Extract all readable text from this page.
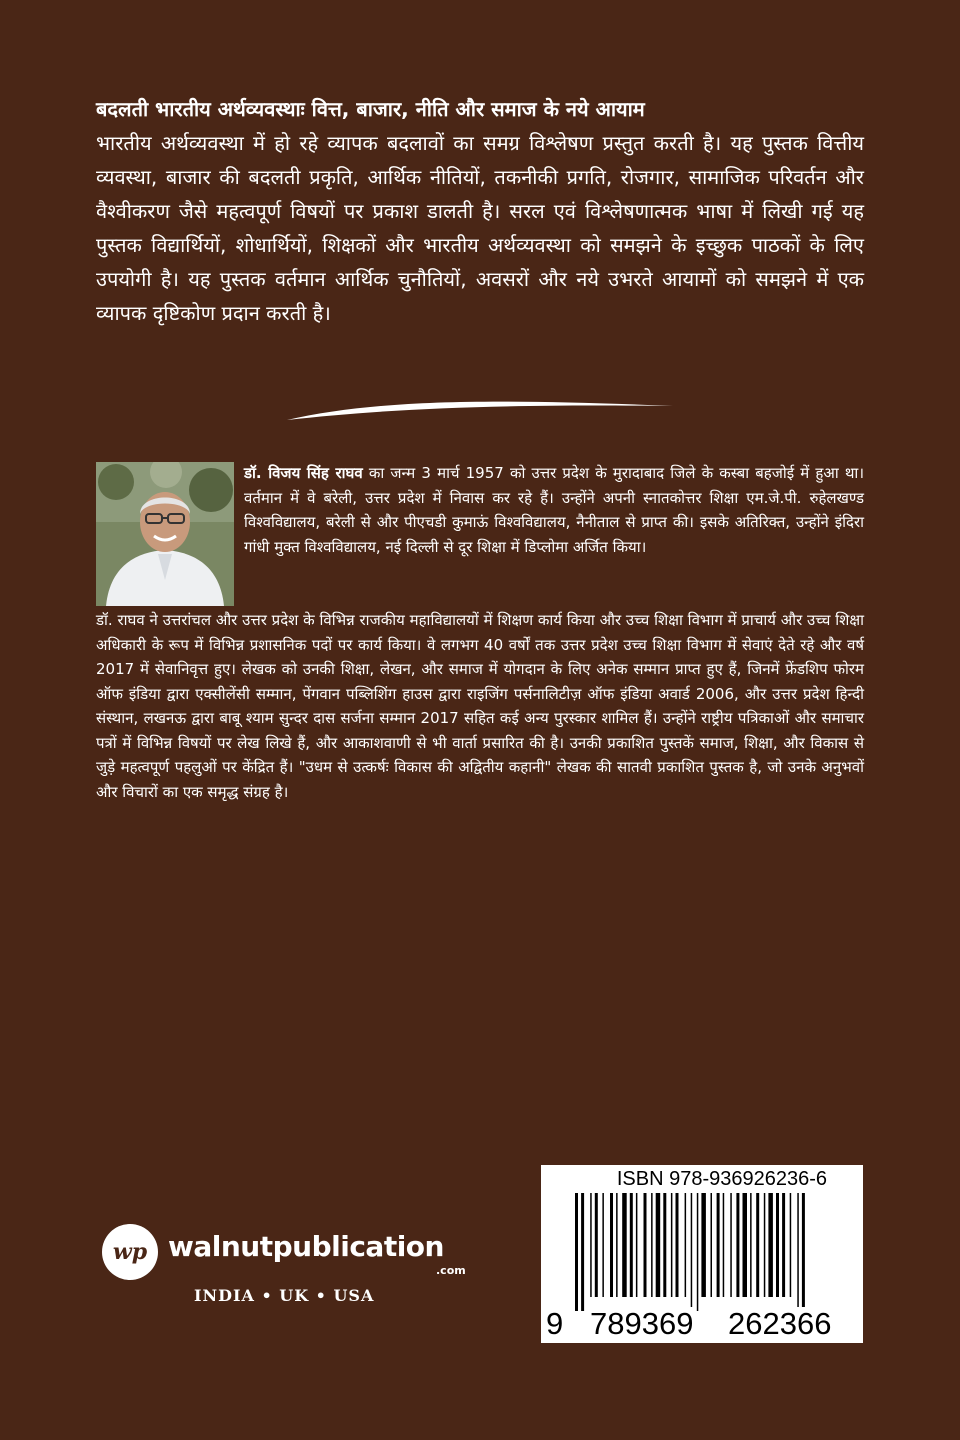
बदलती भारतीय अर्थव्यवस्थाः वित्त, बाजार, नीति और समाज के नये आयाम
भारतीय अर्थव्यवस्था में हो रहे व्यापक बदलावों का समग्र विश्लेषण प्रस्तुत करती है। यह पुस्तक वित्तीय व्यवस्था, बाजार की बदलती प्रकृति, आर्थिक नीतियों, तकनीकी प्रगति, रोजगार, सामाजिक परिवर्तन और वैश्वीकरण जैसे महत्वपूर्ण विषयों पर प्रकाश डालती है। सरल एवं विश्लेषणात्मक भाषा में लिखी गई यह पुस्तक विद्यार्थियों, शोधार्थियों, शिक्षकों और भारतीय अर्थव्यवस्था को समझने के इच्छुक पाठकों के लिए उपयोगी है। यह पुस्तक वर्तमान आर्थिक चुनौतियों, अवसरों और नये उभरते आयामों को समझने में एक व्यापक दृष्टिकोण प्रदान करती है।
डॉ. विजय सिंह राघव का जन्म 3 मार्च 1957 को उत्तर प्रदेश के मुरादाबाद जिले के कस्बा बहजोई में हुआ था। वर्तमान में वे बरेली, उत्तर प्रदेश में निवास कर रहे हैं। उन्होंने अपनी स्नातकोत्तर शिक्षा एम.जे.पी. रुहेलखण्ड विश्वविद्यालय, बरेली से और पीएचडी कुमाऊं विश्वविद्यालय, नैनीताल से प्राप्त की। इसके अतिरिक्त, उन्होंने इंदिरा गांधी मुक्त विश्वविद्यालय, नई दिल्ली से दूर शिक्षा में डिप्लोमा अर्जित किया।
डॉ. राघव ने उत्तरांचल और उत्तर प्रदेश के विभिन्न राजकीय महाविद्यालयों में शिक्षण कार्य किया और उच्च शिक्षा विभाग में प्राचार्य और उच्च शिक्षा अधिकारी के रूप में विभिन्न प्रशासनिक पदों पर कार्य किया। वे लगभग 40 वर्षों तक उत्तर प्रदेश उच्च शिक्षा विभाग में सेवाएं देते रहे और वर्ष 2017 में सेवानिवृत्त हुए। लेखक को उनकी शिक्षा, लेखन, और समाज में योगदान के लिए अनेक सम्मान प्राप्त हुए हैं, जिनमें फ्रेंडशिप फोरम ऑफ इंडिया द्वारा एक्सीलेंसी सम्मान, पेंगवान पब्लिशिंग हाउस द्वारा राइजिंग पर्सनालिटीज़ ऑफ इंडिया अवार्ड 2006, और उत्तर प्रदेश हिन्दी संस्थान, लखनऊ द्वारा बाबू श्याम सुन्दर दास सर्जना सम्मान 2017 सहित कई अन्य पुरस्कार शामिल हैं। उन्होंने राष्ट्रीय पत्रिकाओं और समाचार पत्रों में विभिन्न विषयों पर लेख लिखे हैं, और आकाशवाणी से भी वार्ता प्रसारित की है। उनकी प्रकाशित पुस्तकें समाज, शिक्षा, और विकास से जुड़े महत्वपूर्ण पहलुओं पर केंद्रित हैं। "उधम से उत्कर्षः विकास की अद्वितीय कहानी" लेखक की सातवी प्रकाशित पुस्तक है, जो उनके अनुभवों और विचारों का एक समृद्ध संग्रह है।
wp walnutpublication
.com
INDIA • UK • USA
ISBN 978-936926236-6
9 789369 262366
